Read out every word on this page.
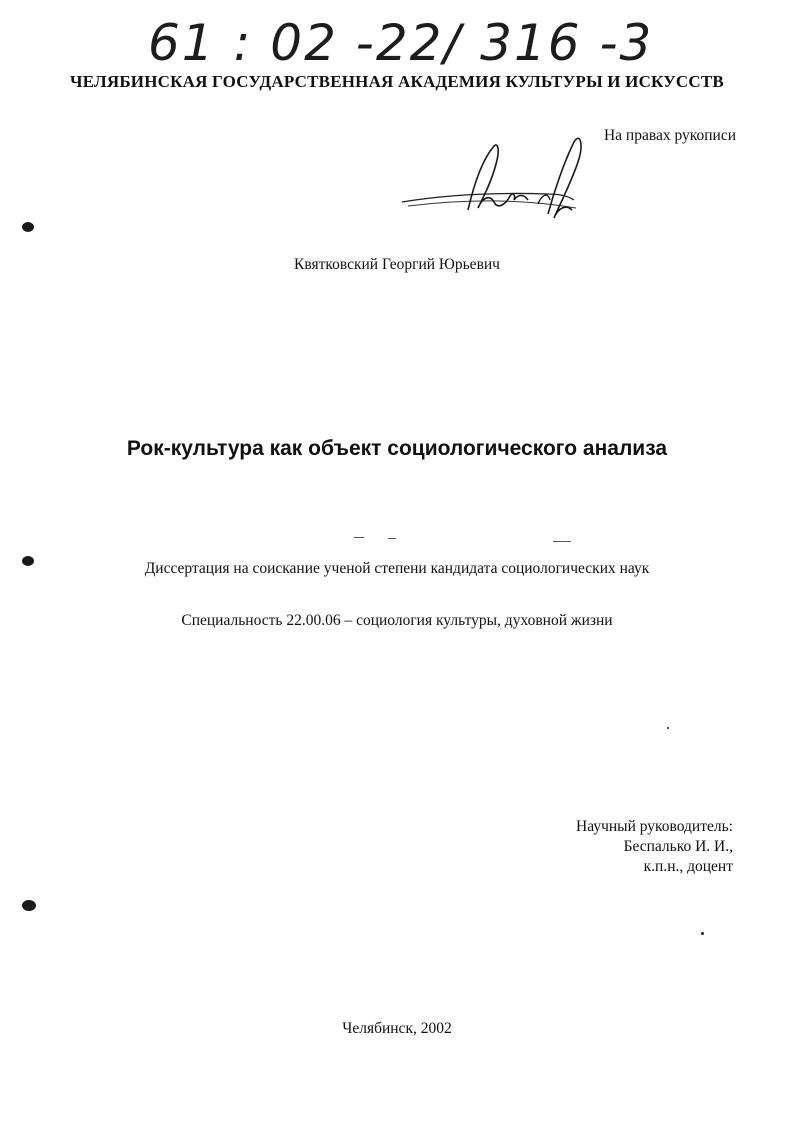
61 : 02 -22/ 316 -3
ЧЕЛЯБИНСКАЯ ГОСУДАРСТВЕННАЯ АКАДЕМИЯ КУЛЬТУРЫ И ИСКУССТВ
На правах рукописи
Квятковский Георгий Юрьевич
Рок-культура как объект социологического анализа
Диссертация на соискание ученой степени кандидата социологических наук
Специальность 22.00.06 – социология культуры, духовной жизни
Научный руководитель:
Беспалько И. И.,
к.п.н., доцент
Челябинск, 2002
